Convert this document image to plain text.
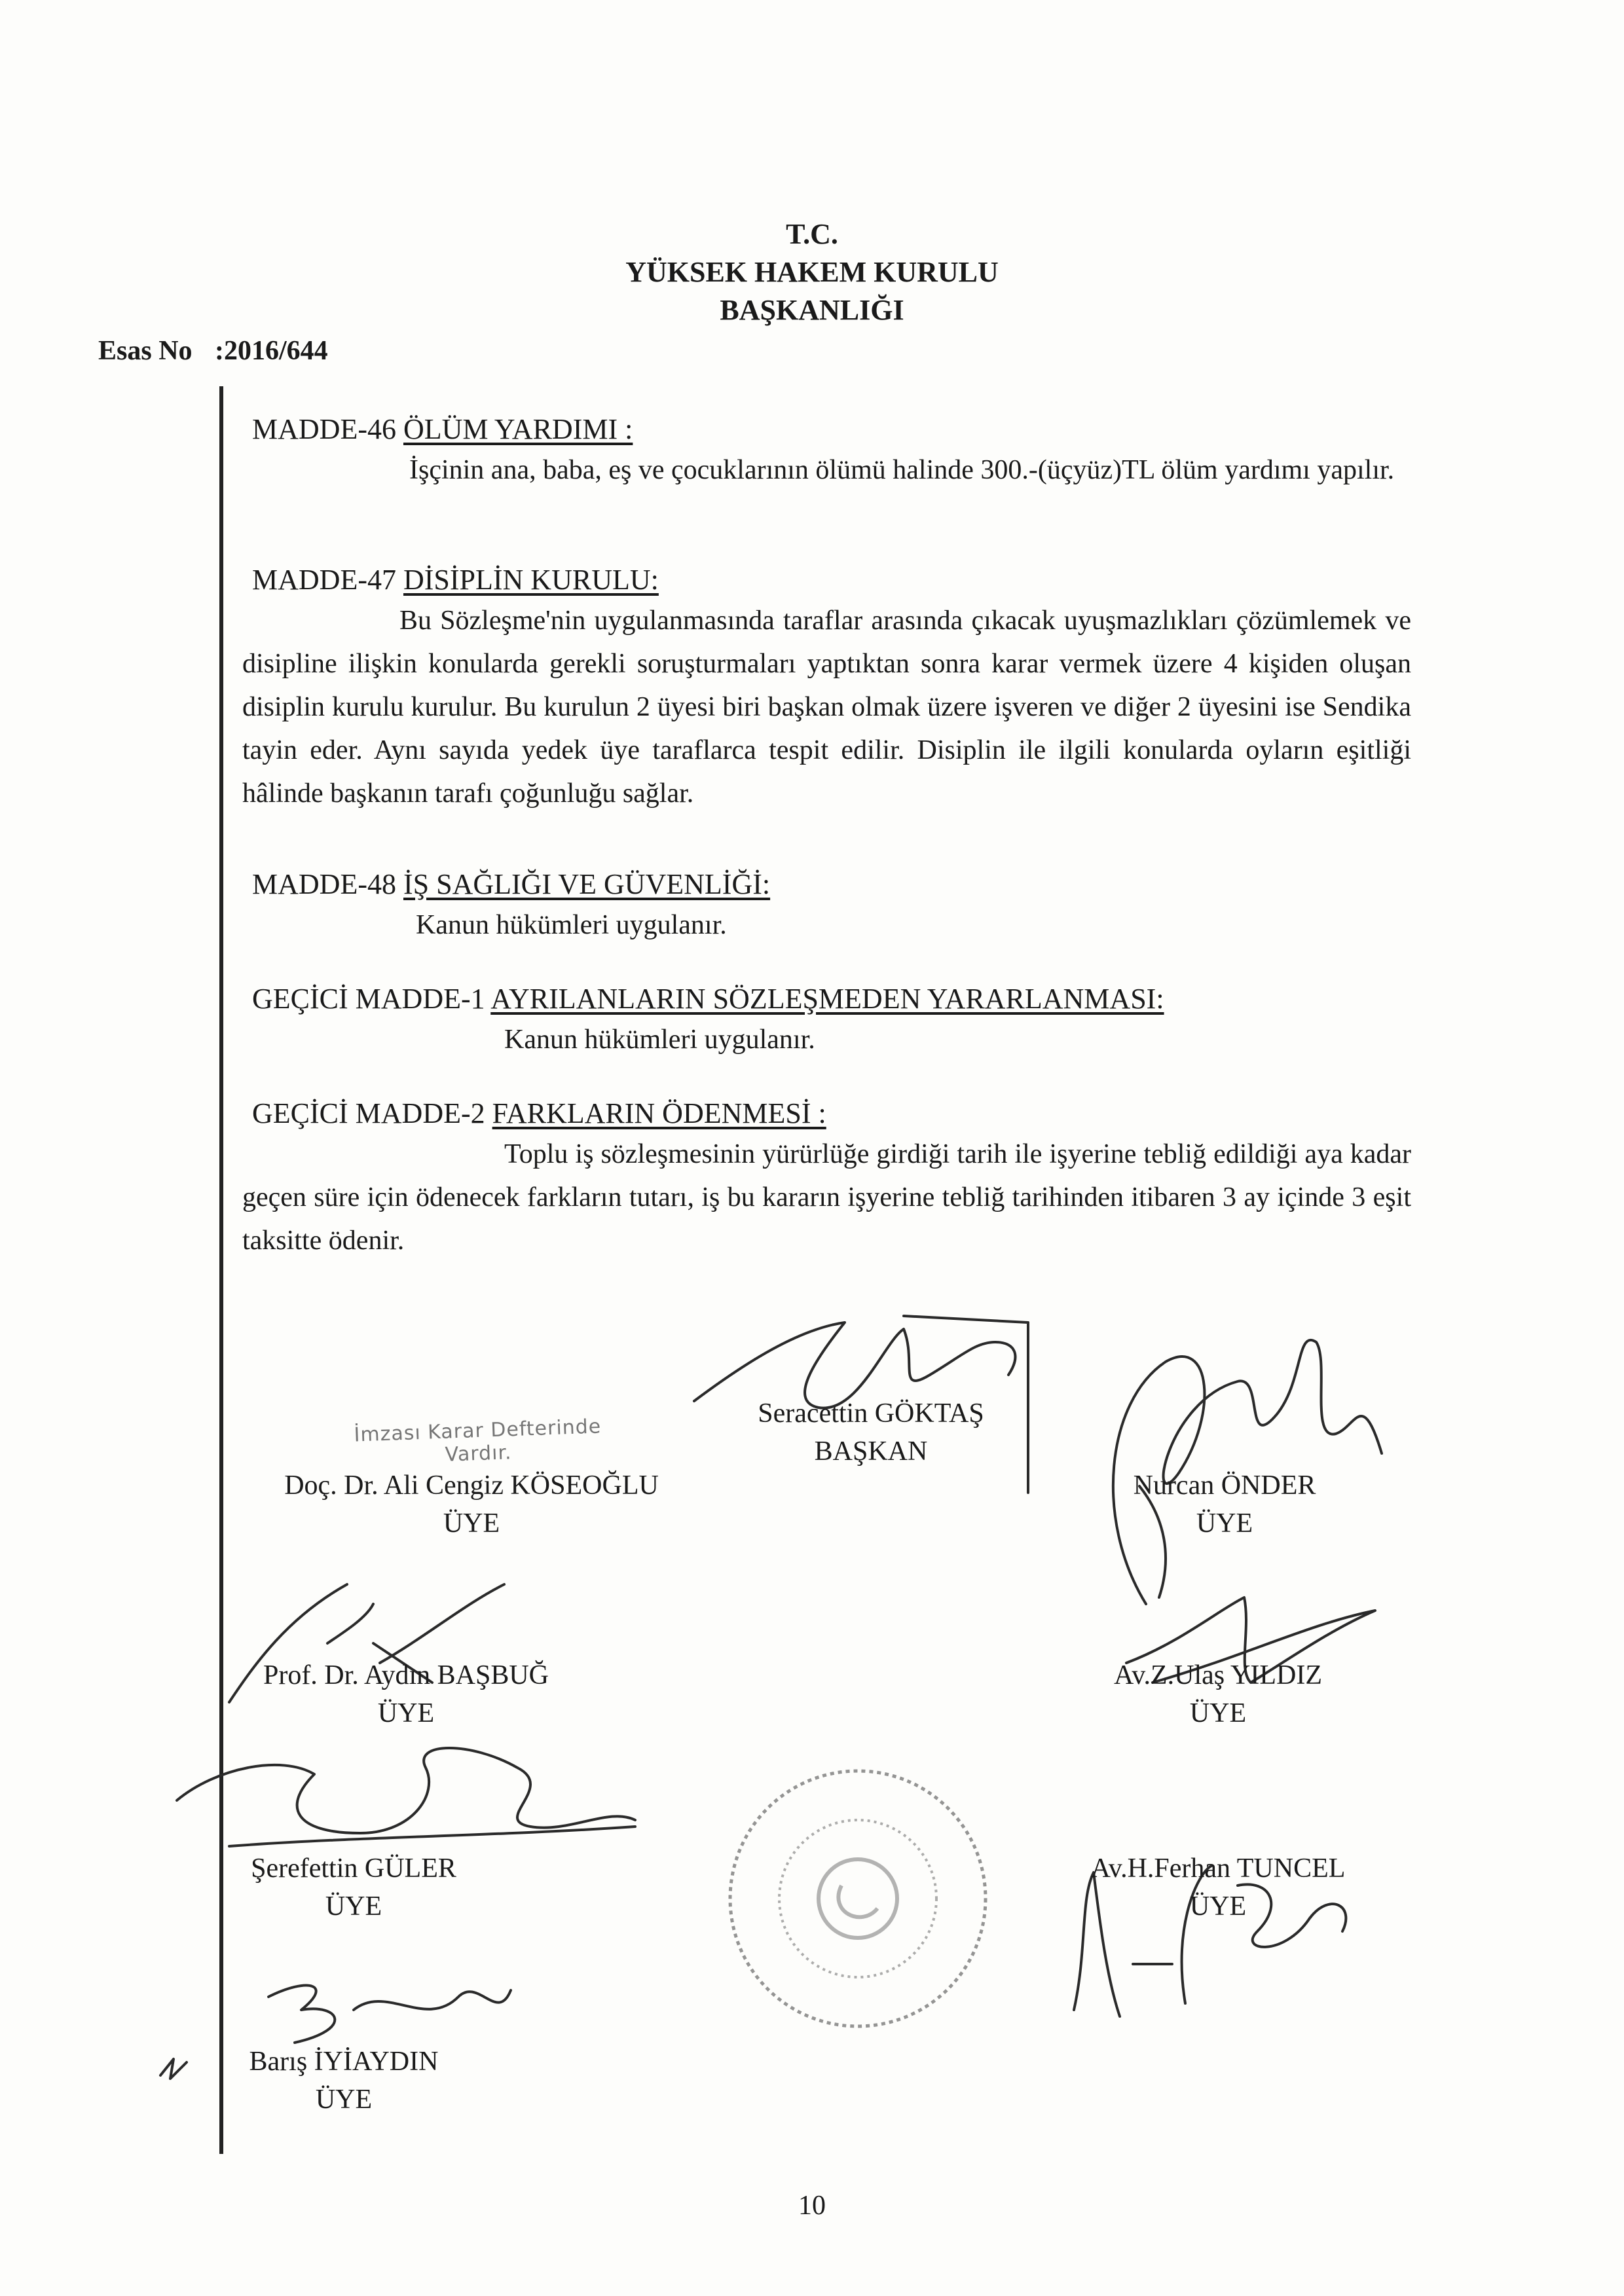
T.C.
YÜKSEK HAKEM KURULU
BAŞKANLIĞI
Esas No :2016/644
MADDE-46 ÖLÜM YARDIMI :
İşçinin ana, baba, eş ve çocuklarının ölümü halinde 300.-(üçyüz)TL ölüm yardımı yapılır.
MADDE-47 DİSİPLİN KURULU:
Bu Sözleşme'nin uygulanmasında taraflar arasında çıkacak uyuşmazlıkları çözümlemek ve disipline ilişkin konularda gerekli soruşturmaları yaptıktan sonra karar vermek üzere 4 kişiden oluşan disiplin kurulu kurulur. Bu kurulun 2 üyesi biri başkan olmak üzere işveren ve diğer 2 üyesini ise Sendika tayin eder. Aynı sayıda yedek üye taraflarca tespit edilir. Disiplin ile ilgili konularda oyların eşitliği hâlinde başkanın tarafı çoğunluğu sağlar.
MADDE-48 İŞ SAĞLIĞI VE GÜVENLİĞİ:
Kanun hükümleri uygulanır.
GEÇİCİ MADDE-1 AYRILANLARIN SÖZLEŞMEDEN YARARLANMASI:
Kanun hükümleri uygulanır.
GEÇİCİ MADDE-2 FARKLARIN ÖDENMESİ :
Toplu iş sözleşmesinin yürürlüğe girdiği tarih ile işyerine tebliğ edildiği aya kadar geçen süre için ödenecek farkların tutarı, iş bu kararın işyerine tebliğ tarihinden itibaren 3 ay içinde 3 eşit taksitte ödenir.
İmzası Karar Defterinde
Vardır.
Seracettin GÖKTAŞ
BAŞKAN
Doç. Dr. Ali Cengiz KÖSEOĞLU
ÜYE
Nurcan ÖNDER
ÜYE
Prof. Dr. Aydın BAŞBUĞ
ÜYE
Av.Z.Ulaş YILDIZ
ÜYE
Şerefettin GÜLER
ÜYE
Av.H.Ferhan TUNCEL
ÜYE
Barış İYİAYDIN
ÜYE
10
